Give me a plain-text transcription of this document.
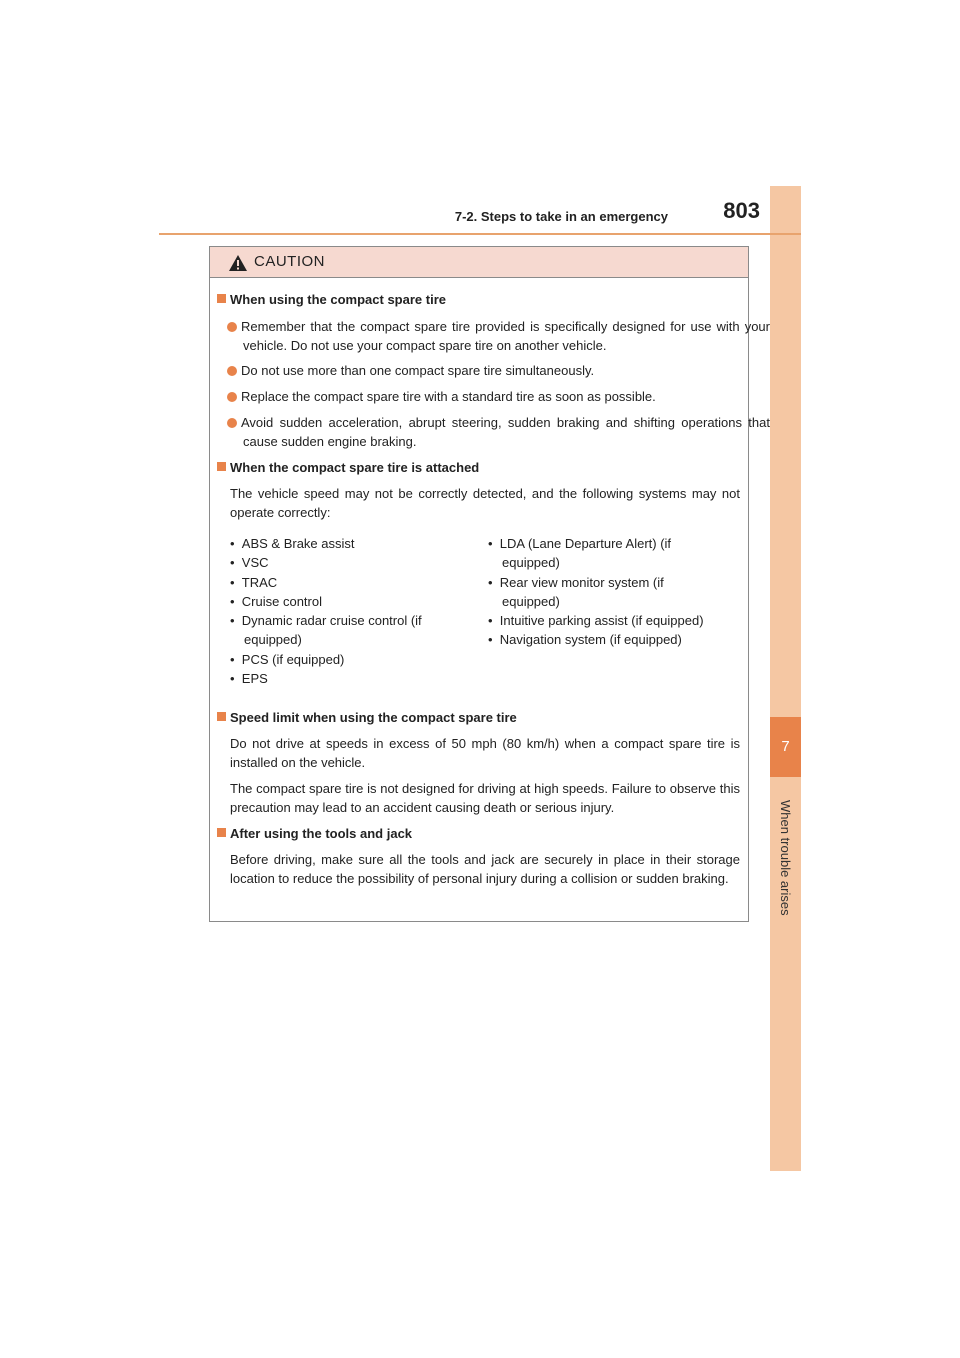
7
When trouble arises
7-2. Steps to take in an emergency	803
CAUTION
When using the compact spare tire
Remember that the compact spare tire provided is specifically designed for use with your vehicle. Do not use your compact spare tire on another vehicle.
Do not use more than one compact spare tire simultaneously.
Replace the compact spare tire with a standard tire as soon as possible.
Avoid sudden acceleration, abrupt steering, sudden braking and shifting operations that cause sudden engine braking.
When the compact spare tire is attached
The vehicle speed may not be correctly detected, and the following systems may not operate correctly:
•  ABS & Brake assist
•  VSC
•  TRAC
•  Cruise control
•  Dynamic radar cruise control (if equipped)
•  PCS (if equipped)
•  EPS
•  LDA (Lane Departure Alert) (if equipped)
•  Rear view monitor system (if equipped)
•  Intuitive parking assist (if equipped)
•  Navigation system (if equipped)
Speed limit when using the compact spare tire
Do not drive at speeds in excess of 50 mph (80 km/h) when a compact spare tire is installed on the vehicle.
The compact spare tire is not designed for driving at high speeds. Failure to observe this precaution may lead to an accident causing death or serious injury.
After using the tools and jack
Before driving, make sure all the tools and jack are securely in place in their storage location to reduce the possibility of personal injury during a collision or sudden braking.
